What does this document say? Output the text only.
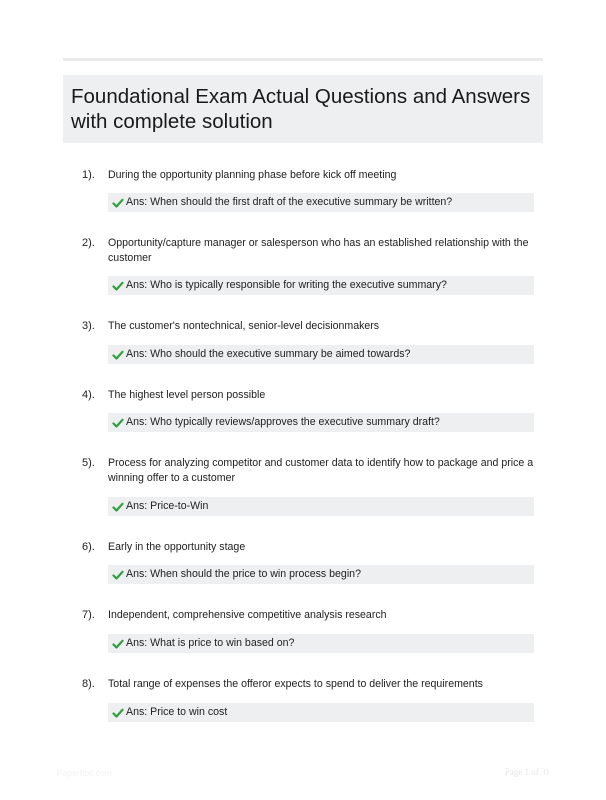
Foundational Exam Actual Questions and Answers with complete solution
1). During the opportunity planning phase before kick off meeting
Ans: When should the first draft of the executive summary be written?
2). Opportunity/capture manager or salesperson who has an established relationship with the customer
Ans: Who is typically responsible for writing the executive summary?
3). The customer's nontechnical, senior-level decisionmakers
Ans: Who should the executive summary be aimed towards?
4). The highest level person possible
Ans: Who typically reviews/approves the executive summary draft?
5). Process for analyzing competitor and customer data to identify how to package and price a winning offer to a customer
Ans: Price-to-Win
6). Early in the opportunity stage
Ans: When should the price to win process begin?
7). Independent, comprehensive competitive analysis research
Ans: What is price to win based on?
8). Total range of expenses the offeror expects to spend to deliver the requirements
Ans: Price to win cost
Paper8bit.com	Page 1 of 31
